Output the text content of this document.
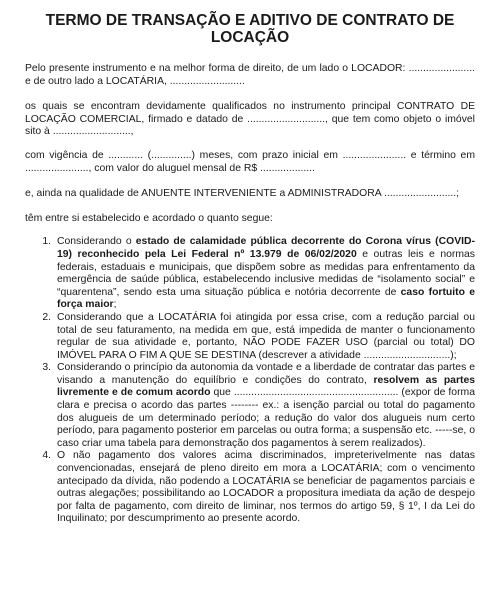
TERMO DE TRANSAÇÃO E ADITIVO DE CONTRATO DE LOCAÇÃO

Pelo presente instrumento e na melhor forma de direito, de um lado o LOCADOR: ....................... e de outro lado a LOCATÁRIA, ..........................

os quais se encontram devidamente qualificados no instrumento principal CONTRATO DE LOCAÇÃO COMERCIAL, firmado e datado de ..........................., que tem como objeto o imóvel sito à ...........................,

com vigência de ............ (..............) meses, com prazo inicial em ...................... e término em ......................, com valor do aluguel mensal de R$ ...................

e, ainda na qualidade de ANUENTE INTERVENIENTE a ADMINISTRADORA .........................;

têm entre si estabelecido e acordado o quanto segue:

1. Considerando o estado de calamidade pública decorrente do Corona vírus (COVID-19) reconhecido pela Lei Federal nº 13.979 de 06/02/2020 e outras leis e normas federais, estaduais e municipais, que dispõem sobre as medidas para enfrentamento da emergência de saúde pública, estabelecendo inclusive medidas de “isolamento social” e “quarentena”, sendo esta uma situação pública e notória decorrente de caso fortuito e força maior;
2. Considerando que a LOCATÁRIA foi atingida por essa crise, com a redução parcial ou total de seu faturamento, na medida em que, está impedida de manter o funcionamento regular de sua atividade e, portanto, NÃO PODE FAZER USO (parcial ou total) DO IMÓVEL PARA O FIM A QUE SE DESTINA (descrever a atividade ..............................);
3. Considerando o princípio da autonomia da vontade e a liberdade de contratar das partes e visando a manutenção do equilíbrio e condições do contrato, resolvem as partes livremente e de comum acordo que ......................................................... (expor de forma clara e precisa o acordo das partes -------- ex.: a isenção parcial ou total do pagamento dos alugueis de um determinado período; a redução do valor dos alugueis num certo período, para pagamento posterior em parcelas ou outra forma; a suspensão etc. -----se, o caso criar uma tabela para demonstração dos pagamentos à serem realizados).
4. O não pagamento dos valores acima discriminados, impreterivelmente nas datas convencionadas, ensejará de pleno direito em mora a LOCATÁRIA; com o vencimento antecipado da dívida, não podendo a LOCATÁRIA se beneficiar de pagamentos parciais e outras alegações; possibilitando ao LOCADOR a propositura imediata da ação de despejo por falta de pagamento, com direito de liminar, nos termos do artigo 59, § 1º, I da Lei do Inquilinato; por descumprimento ao presente acordo.
